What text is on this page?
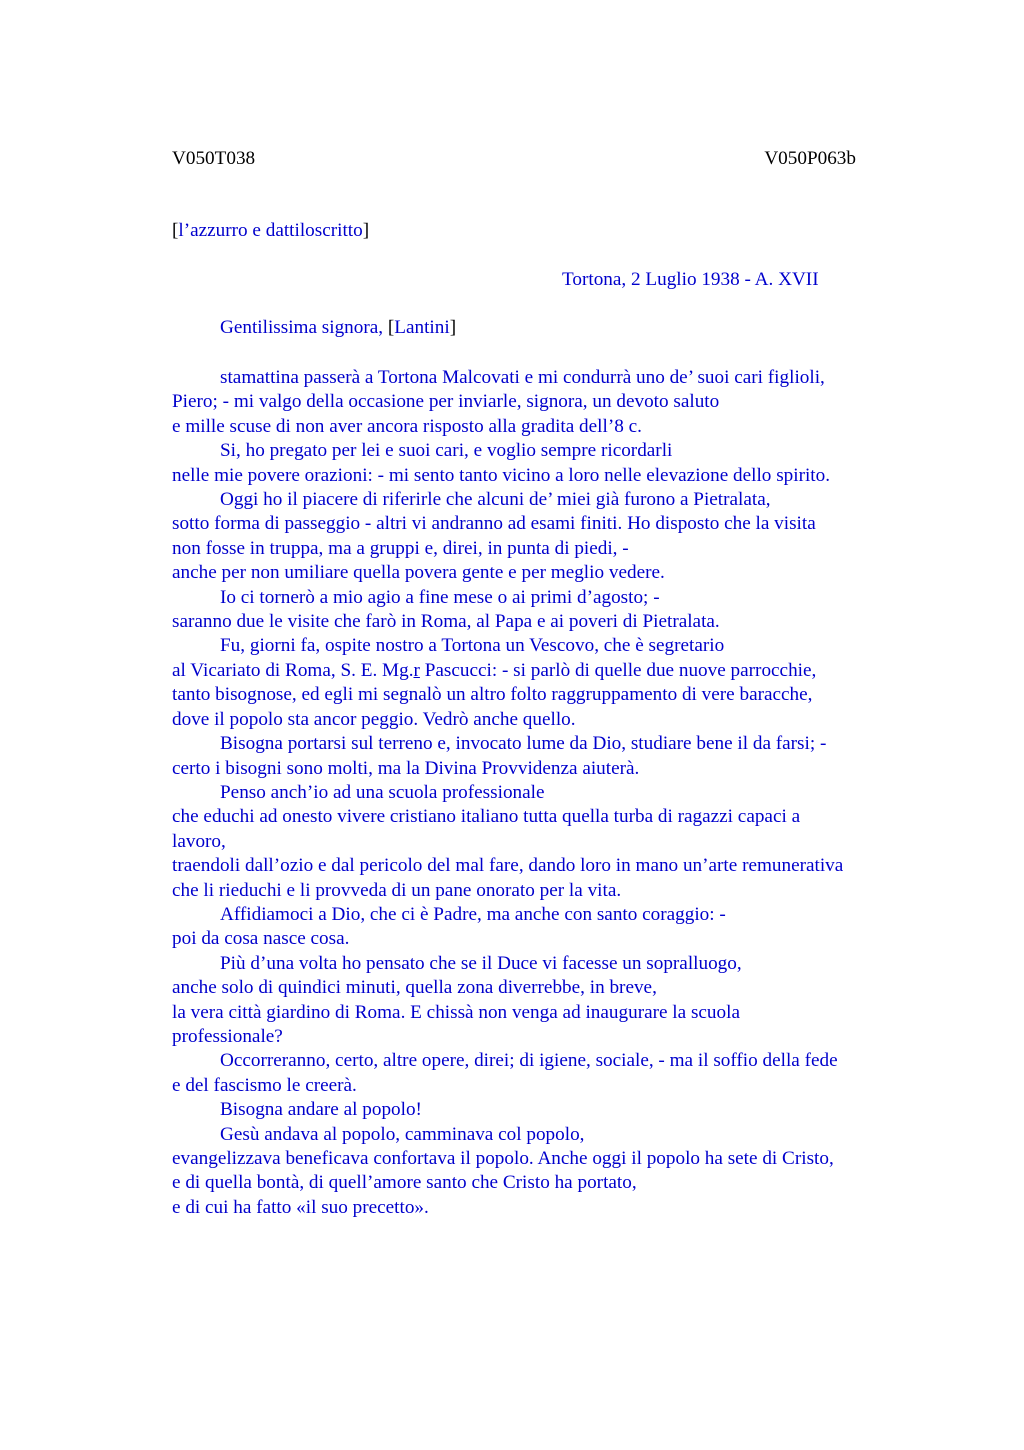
V050T038	V050P063b
[l’azzurro e dattiloscritto]
Tortona, 2 Luglio 1938 - A. XVII
Gentilissima signora, [Lantini]
stamattina passerà a Tortona Malcovati e mi condurrà uno de’ suoi cari figlioli,
Piero; - mi valgo della occasione per inviarle, signora, un devoto saluto
e mille scuse di non aver ancora risposto alla gradita dell’8 c.
Si, ho pregato per lei e suoi cari, e voglio sempre ricordarli
nelle mie povere orazioni: - mi sento tanto vicino a loro nelle elevazione dello spirito.
Oggi ho il piacere di riferirle che alcuni de’ miei già furono a Pietralata,
sotto forma di passeggio - altri vi andranno ad esami finiti. Ho disposto che la visita
non fosse in truppa, ma a gruppi e, direi, in punta di piedi, -
anche per non umiliare quella povera gente e per meglio vedere.
Io ci tornerò a mio agio a fine mese o ai primi d’agosto; -
saranno due le visite che farò in Roma, al Papa e ai poveri di Pietralata.
Fu, giorni fa, ospite nostro a Tortona un Vescovo, che è segretario
al Vicariato di Roma, S. E. Mg.r Pascucci: - si parlò di quelle due nuove parrocchie,
tanto bisognose, ed egli mi segnalò un altro folto raggruppamento di vere baracche,
dove il popolo sta ancor peggio. Vedrò anche quello.
Bisogna portarsi sul terreno e, invocato lume da Dio, studiare bene il da farsi; -
certo i bisogni sono molti, ma la Divina Provvidenza aiuterà.
Penso anch’io ad una scuola professionale
che educhi ad onesto vivere cristiano italiano tutta quella turba di ragazzi capaci a
lavoro,
traendoli dall’ozio e dal pericolo del mal fare, dando loro in mano un’arte remunerativa
che li rieduchi e li provveda di un pane onorato per la vita.
Affidiamoci a Dio, che ci è Padre, ma anche con santo coraggio: -
poi da cosa nasce cosa.
Più d’una volta ho pensato che se il Duce vi facesse un sopralluogo,
anche solo di quindici minuti, quella zona diverrebbe, in breve,
la vera città giardino di Roma. E chissà non venga ad inaugurare la scuola
professionale?
Occorreranno, certo, altre opere, direi; di igiene, sociale, - ma il soffio della fede
e del fascismo le creerà.
Bisogna andare al popolo!
Gesù andava al popolo, camminava col popolo,
evangelizzava beneficava confortava il popolo. Anche oggi il popolo ha sete di Cristo,
e di quella bontà, di quell’amore santo che Cristo ha portato,
e di cui ha fatto «il suo precetto».
